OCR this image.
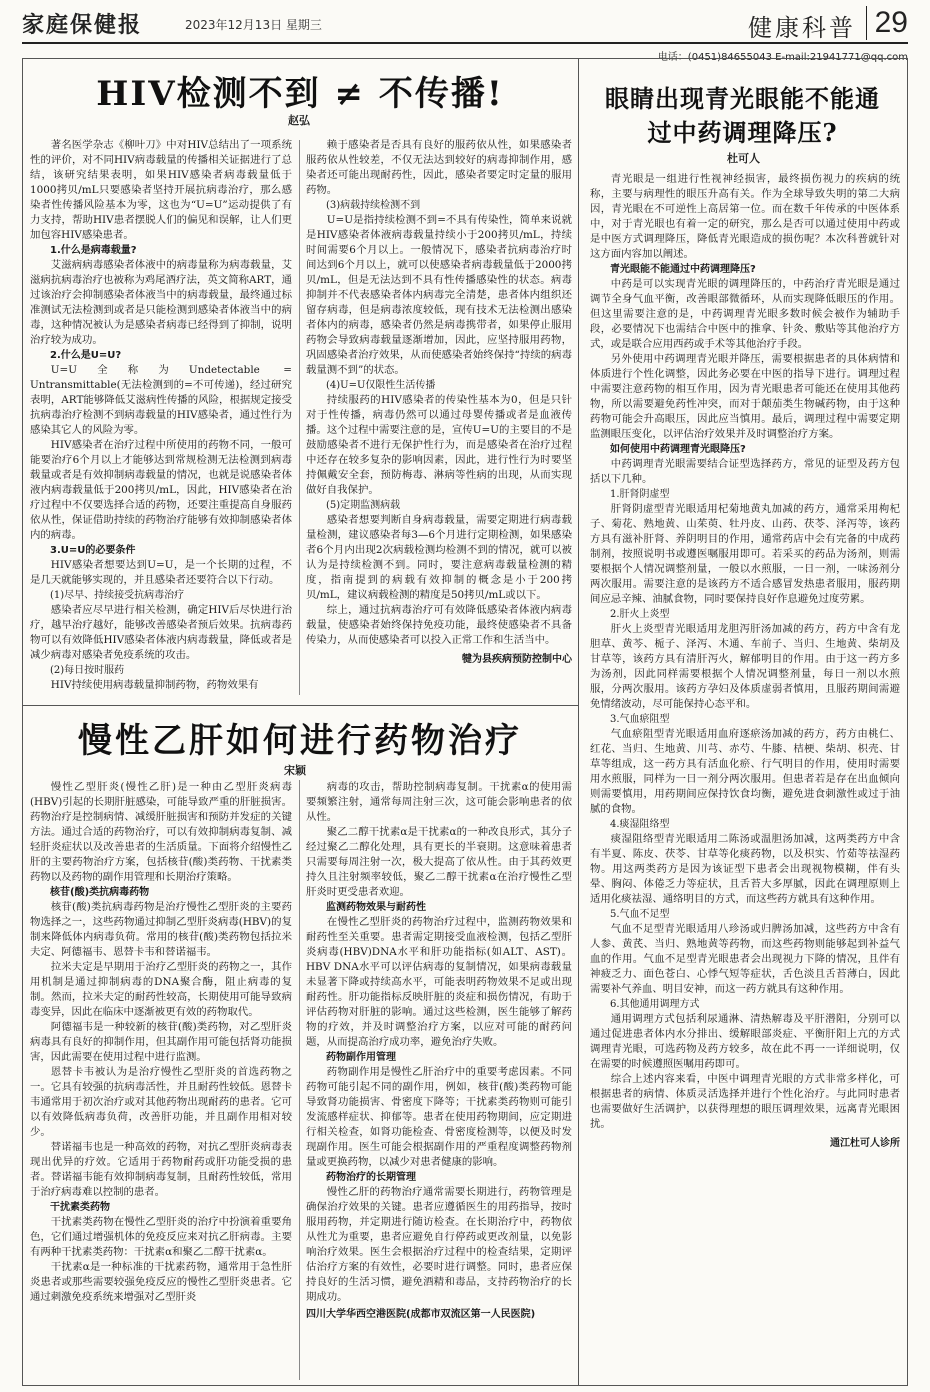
家庭保健报	2023年12月13日 星期三	健康科普 29
电话：(0451)84655043 E-mail:21941771@qq.com
HIV检测不到 ≠ 不传播!
赵弘

著名医学杂志《柳叶刀》中对HIV总结出了一项系统性的评价，对不同HIV病毒载量的传播相关证据进行了总结，该研究结果表明，如果HIV感染者病毒载量低于1000拷贝/mL只要感染者坚持开展抗病毒治疗，那么感染者性传播风险基本为零，这也为“U=U”运动提供了有力支持，帮助HIV患者摆脱人们的偏见和误解，让人们更加包容HIV感染患者。

1.什么是病毒载量?

艾滋病病毒感染者体液中的病毒量称为病毒载量，艾滋病抗病毒治疗也被称为鸡尾酒疗法，英文简称ART，通过该治疗会抑制感染者体液当中的病毒载量，最终通过标准测试无法检测到或者是只能检测到感染者体液当中的病毒，这种情况被认为是感染者病毒已经得到了抑制，说明治疗较为成功。

2.什么是U=U?

U=U全称为Undetectable = Untransmittable(无法检测到的=不可传递)，经过研究表明，ART能够降低艾滋病性传播的风险，根据规定接受抗病毒治疗检测不到病毒载量的HIV感染者，通过性行为感染其它人的风险为零。

HIV感染者在治疗过程中所使用的药物不同，一般可能要治疗6个月以上才能够达到常规检测无法检测到病毒载量或者是有效抑制病毒载量的情况，也就是说感染者体液内病毒载量低于200拷贝/mL，因此，HIV感染者在治疗过程中不仅要选择合适的药物，还要注重提高自身服药依从性，保证借助持续的药物治疗能够有效抑制感染者体内的病毒。

3.U=U的必要条件

HIV感染者想要达到U=U，是一个长期的过程，不是几天就能够实现的，并且感染者还要符合以下行动。

(1)尽早、持续接受抗病毒治疗

感染者应尽早进行相关检测，确定HIV后尽快进行治疗，越早治疗越好，能够改善感染者预后效果。抗病毒药物可以有效降低HIV感染者体液内病毒载量，降低或者是减少病毒对感染者免疫系统的攻击。

(2)每日按时服药

HIV持续使用病毒载量抑制药物，药物效果有

赖于感染者是否具有良好的服药依从性，如果感染者服药依从性较差，不仅无法达到较好的病毒抑制作用，感染者还可能出现耐药性，因此，感染者要定时定量的服用药物。

(3)病载持续检测不到

U=U是指持续检测不到=不具有传染性，简单来说就是HIV感染者体液病毒载量持续小于200拷贝/mL，持续时间需要6个月以上。一般情况下，感染者抗病毒治疗时间达到6个月以上，就可以使感染者病毒载量低于2000拷贝/mL，但是无法达到不具有性传播感染性的状态。病毒抑制并不代表感染者体内病毒完全清楚，患者体内组织还留存病毒，但是病毒浓度较低，现有技术无法检测出感染者体内的病毒，感染者仍然是病毒携带者，如果停止服用药物会导致病毒载量逐渐增加，因此，应坚持服用药物，巩固感染者治疗效果，从而使感染者始终保持“持续的病毒载量测不到”的状态。

(4)U=U仅限性生活传播

持续服药的HIV感染者的传染性基本为0，但是只针对于性传播，病毒仍然可以通过母婴传播或者是血液传播。这个过程中需要注意的是，宣传U=U的主要目的不是鼓励感染者不进行无保护性行为，而是感染者在治疗过程中还存在较多复杂的影响因素，因此，进行性行为时要坚持佩戴安全套，预防梅毒、淋病等性病的出现，从而实现做好自我保护。

(5)定期监测病载

感染者想要判断自身病毒载量，需要定期进行病毒载量检测，建议感染者每3—6个月进行定期检测，如果感染者6个月内出现2次病载检测均检测不到的情况，就可以被认为是持续检测不到。同时，要注意病毒载量检测的精度，指南提到的病载有效抑制的概念是小于200拷贝/mL，建议病载检测的精度是50拷贝/mL或以下。

综上，通过抗病毒治疗可有效降低感染者体液内病毒载量，使感染者始终保持免疫功能，最终使感染者不具备传染力，从而使感染者可以投入正常工作和生活当中。

犍为县疾病预防控制中心

慢性乙肝如何进行药物治疗
宋颖

慢性乙型肝炎(慢性乙肝)是一种由乙型肝炎病毒(HBV)引起的长期肝脏感染，可能导致严重的肝脏损害。药物治疗是控制病情、减缓肝脏损害和预防并发症的关键方法。通过合适的药物治疗，可以有效抑制病毒复制、减轻肝炎症状以及改善患者的生活质量。下面将介绍慢性乙肝的主要药物治疗方案，包括核苷(酸)类药物、干扰素类药物以及药物的副作用管理和长期治疗策略。

核苷(酸)类抗病毒药物

核苷(酸)类抗病毒药物是治疗慢性乙型肝炎的主要药物选择之一，这些药物通过抑制乙型肝炎病毒(HBV)的复制来降低体内病毒负荷。常用的核苷(酸)类药物包括拉米夫定、阿德福韦、恩替卡韦和替诺福韦。

拉米夫定是早期用于治疗乙型肝炎的药物之一，其作用机制是通过抑制病毒的DNA聚合酶，阻止病毒的复制。然而，拉米夫定的耐药性较高，长期使用可能导致病毒变异，因此在临床中逐渐被更有效的药物取代。

阿德福韦是一种较新的核苷(酸)类药物，对乙型肝炎病毒具有良好的抑制作用，但其副作用可能包括肾功能损害，因此需要在使用过程中进行监测。

恩替卡韦被认为是治疗慢性乙型肝炎的首选药物之一。它具有较强的抗病毒活性，并且耐药性较低。恩替卡韦通常用于初次治疗或对其他药物出现耐药的患者。它可以有效降低病毒负荷，改善肝功能，并且副作用相对较少。

替诺福韦也是一种高效的药物，对抗乙型肝炎病毒表现出优异的疗效。它适用于药物耐药或肝功能受损的患者。替诺福韦能有效抑制病毒复制，且耐药性较低，常用于治疗病毒难以控制的患者。

干扰素类药物

干扰素类药物在慢性乙型肝炎的治疗中扮演着重要角色，它们通过增强机体的免疫反应来对抗乙肝病毒。主要有两种干扰素类药物：干扰素α和聚乙二醇干扰素α。

干扰素α是一种标准的干扰素药物，通常用于急性肝炎患者或那些需要较强免疫反应的慢性乙型肝炎患者。它通过刺激免疫系统来增强对乙型肝炎

病毒的攻击，帮助控制病毒复制。干扰素α的使用需要频繁注射，通常每周注射三次，这可能会影响患者的依从性。

聚乙二醇干扰素α是干扰素α的一种改良形式，其分子经过聚乙二醇化处理，具有更长的半衰期。这意味着患者只需要每周注射一次，极大提高了依从性。由于其药效更持久且注射频率较低，聚乙二醇干扰素α在治疗慢性乙型肝炎时更受患者欢迎。

监测药物效果与耐药性

在慢性乙型肝炎的药物治疗过程中，监测药物效果和耐药性至关重要。患者需定期接受血液检测，包括乙型肝炎病毒(HBV)DNA水平和肝功能指标(如ALT、AST)。HBV DNA水平可以评估病毒的复制情况，如果病毒载量未显著下降或持续高水平，可能表明药物效果不足或出现耐药性。肝功能指标反映肝脏的炎症和损伤情况，有助于评估药物对肝脏的影响。通过这些检测，医生能够了解药物的疗效，并及时调整治疗方案，以应对可能的耐药问题，从而提高治疗成功率，避免治疗失败。

药物副作用管理

药物副作用是慢性乙肝治疗中的重要考虑因素。不同药物可能引起不同的副作用，例如，核苷(酸)类药物可能导致肾功能损害、骨密度下降等；干扰素类药物则可能引发流感样症状、抑郁等。患者在使用药物期间，应定期进行相关检查，如肾功能检查、骨密度检测等，以便及时发现副作用。医生可能会根据副作用的严重程度调整药物剂量或更换药物，以减少对患者健康的影响。

药物治疗的长期管理

慢性乙肝的药物治疗通常需要长期进行，药物管理是确保治疗效果的关键。患者应遵循医生的用药指导，按时服用药物，并定期进行随访检查。在长期治疗中，药物依从性尤为重要，患者应避免自行停药或更改剂量，以免影响治疗效果。医生会根据治疗过程中的检查结果，定期评估治疗方案的有效性，必要时进行调整。同时，患者应保持良好的生活习惯，避免酒精和毒品，支持药物治疗的长期成功。

四川大学华西空港医院(成都市双流区第一人民医院)

眼睛出现青光眼能不能通过中药调理降压?
杜可人

青光眼是一组进行性视神经损害，最终损伤视力的疾病的统称，主要与病理性的眼压升高有关。作为全球导致失明的第二大病因，青光眼在不可逆性上高居第一位。而在数千年传承的中医体系中，对于青光眼也有着一定的研究，那么是否可以通过使用中药或是中医方式调理降压，降低青光眼造成的损伤呢？本次科普就针对这方面内容加以阐述。

青光眼能不能通过中药调理降压?

中药是可以实现青光眼的调理降压的，中药治疗青光眼是通过调节全身气血平衡，改善眼部微循环，从而实现降低眼压的作用。但这里需要注意的是，中药调理青光眼多数时候会被作为辅助手段，必要情况下也需结合中医中的推拿、针灸、敷贴等其他治疗方式，或是联合应用西药或手术等其他治疗手段。

另外使用中药调理青光眼并降压，需要根据患者的具体病情和体质进行个性化调整，因此务必要在中医的指导下进行。调理过程中需要注意药物的相互作用，因为青光眼患者可能还在使用其他药物，所以需要避免药性冲突，而对于颠茄类生物碱药物，由于这种药物可能会升高眼压，因此应当慎用。最后，调理过程中需要定期监测眼压变化，以评估治疗效果并及时调整治疗方案。

如何使用中药调理青光眼降压?

中药调理青光眼需要结合证型选择药方，常见的证型及药方包括以下几种。

1.肝肾阴虚型

肝肾阴虚型青光眼适用杞菊地黄丸加减的药方，通常采用枸杞子、菊花、熟地黄、山茱萸、牡丹皮、山药、茯苓、泽泻等，该药方具有滋补肝肾、养阴明目的作用，通常药店中会有完备的中成药制剂，按照说明书或遵医嘱服用即可。若采买的药品为汤剂，则需要根据个人情况调整剂量，一般以水煎服，一日一剂，一味汤剂分两次服用。需要注意的是该药方不适合感冒发热患者服用，服药期间应忌辛辣、油腻食物，同时要保持良好作息避免过度劳累。

2.肝火上炎型

肝火上炎型青光眼适用龙胆泻肝汤加减的药方，药方中含有龙胆草、黄芩、栀子、泽泻、木通、车前子、当归、生地黄、柴胡及甘草等，该药方具有清肝泻火，解郁明目的作用。由于这一药方多为汤剂，因此同样需要根据个人情况调整剂量，每日一剂以水煎服，分两次服用。该药方孕妇及体质虚弱者慎用，且服药期间需避免情绪波动，尽可能保持心态平和。

3.气血瘀阻型

气血瘀阻型青光眼适用血府逐瘀汤加减的药方，药方由桃仁、红花、当归、生地黄、川芎、赤芍、牛膝、桔梗、柴胡、枳壳、甘草等组成，这一药方具有活血化瘀、行气明目的作用，使用时需要用水煎服，同样为一日一剂分两次服用。但患者若是存在出血倾向则需要慎用，用药期间应保持饮食均衡，避免进食刺激性或过于油腻的食物。

4.痰湿阻络型

痰湿阻络型青光眼适用二陈汤或温胆汤加减，这两类药方中含有半夏、陈皮、茯苓、甘草等化痰药物，以及枳实、竹茹等祛湿药物。用这两类药方是因为该证型下患者会出现视物模糊，伴有头晕、胸闷、体倦乏力等症状，且舌苔大多厚腻，因此在调理原则上适用化痰祛湿、通络明目的方式，而这些药方就具有这种作用。

5.气血不足型

气血不足型青光眼适用八珍汤或归脾汤加减，这些药方中含有人参、黄芪、当归、熟地黄等药物，而这些药物则能够起到补益气血的作用。气血不足型青光眼患者会出现视力下降的情况，且伴有神疲乏力、面色苍白、心悸气短等症状，舌色淡且舌苔薄白，因此需要补气养血、明目安神，而这一药方就具有这种作用。

6.其他通用调理方式

通用调理方式包括利尿通淋、清热解毒及平肝潜阳，分别可以通过促进患者体内水分排出、缓解眼部炎症、平衡肝阳上亢的方式调理青光眼，可选药物及药方较多，故在此不再一一详细说明，仅在需要的时候遵照医嘱用药即可。

综合上述内容来看，中医中调理青光眼的方式非常多样化，可根据患者的病情、体质灵活选择并进行个性化治疗。与此同时患者也需要做好生活调护，以获得理想的眼压调理效果，远离青光眼困扰。

通江杜可人诊所
